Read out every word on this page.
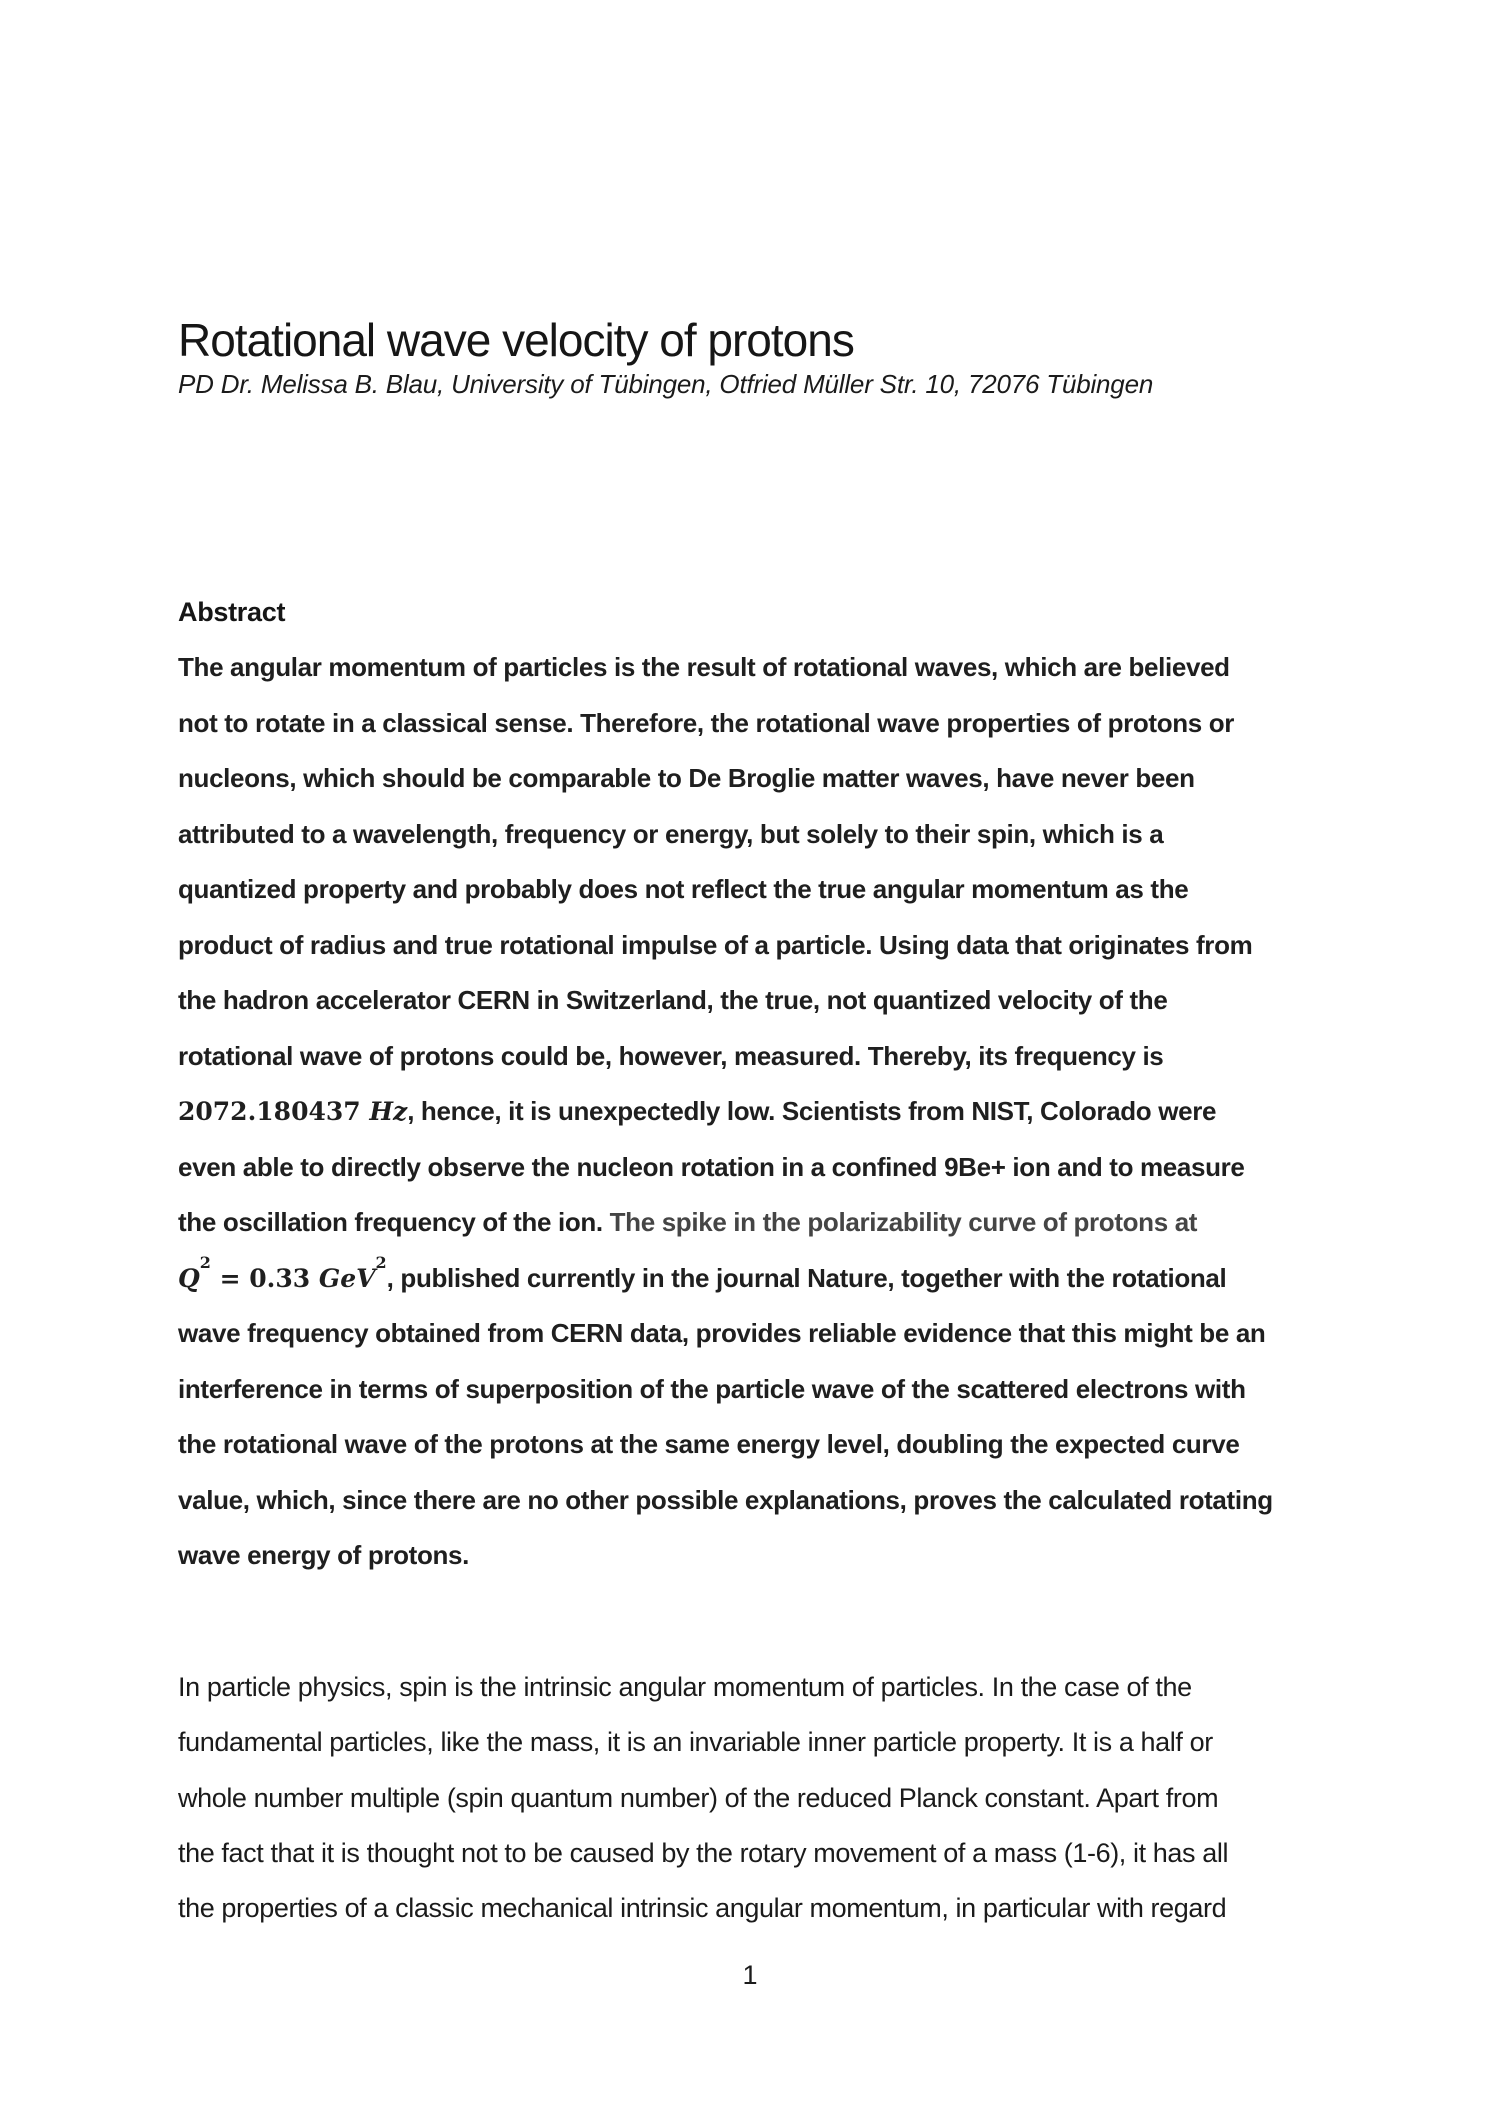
Rotational wave velocity of protons
PD Dr. Melissa B. Blau, University of Tübingen, Otfried Müller Str. 10, 72076 Tübingen
Abstract
The angular momentum of particles is the result of rotational waves, which are believed
not to rotate in a classical sense. Therefore, the rotational wave properties of protons or
nucleons, which should be comparable to De Broglie matter waves, have never been
attributed to a wavelength, frequency or energy, but solely to their spin, which is a
quantized property and probably does not reflect the true angular momentum as the
product of radius and true rotational impulse of a particle. Using data that originates from
the hadron accelerator CERN in Switzerland, the true, not quantized velocity of the
rotational wave of protons could be, however, measured. Thereby, its frequency is
2072.180437 Hz, hence, it is unexpectedly low. Scientists from NIST, Colorado were
even able to directly observe the nucleon rotation in a confined 9Be+ ion and to measure
the oscillation frequency of the ion. The spike in the polarizability curve of protons at
$Q^2 = 0.33$ GeV$^2$, published currently in the journal Nature, together with the rotational
wave frequency obtained from CERN data, provides reliable evidence that this might be an
interference in terms of superposition of the particle wave of the scattered electrons with
the rotational wave of the protons at the same energy level, doubling the expected curve
value, which, since there are no other possible explanations, proves the calculated rotating
wave energy of protons.
In particle physics, spin is the intrinsic angular momentum of particles. In the case of the
fundamental particles, like the mass, it is an invariable inner particle property. It is a half or
whole number multiple (spin quantum number) of the reduced Planck constant. Apart from
the fact that it is thought not to be caused by the rotary movement of a mass (1-6), it has all
the properties of a classic mechanical intrinsic angular momentum, in particular with regard
1
